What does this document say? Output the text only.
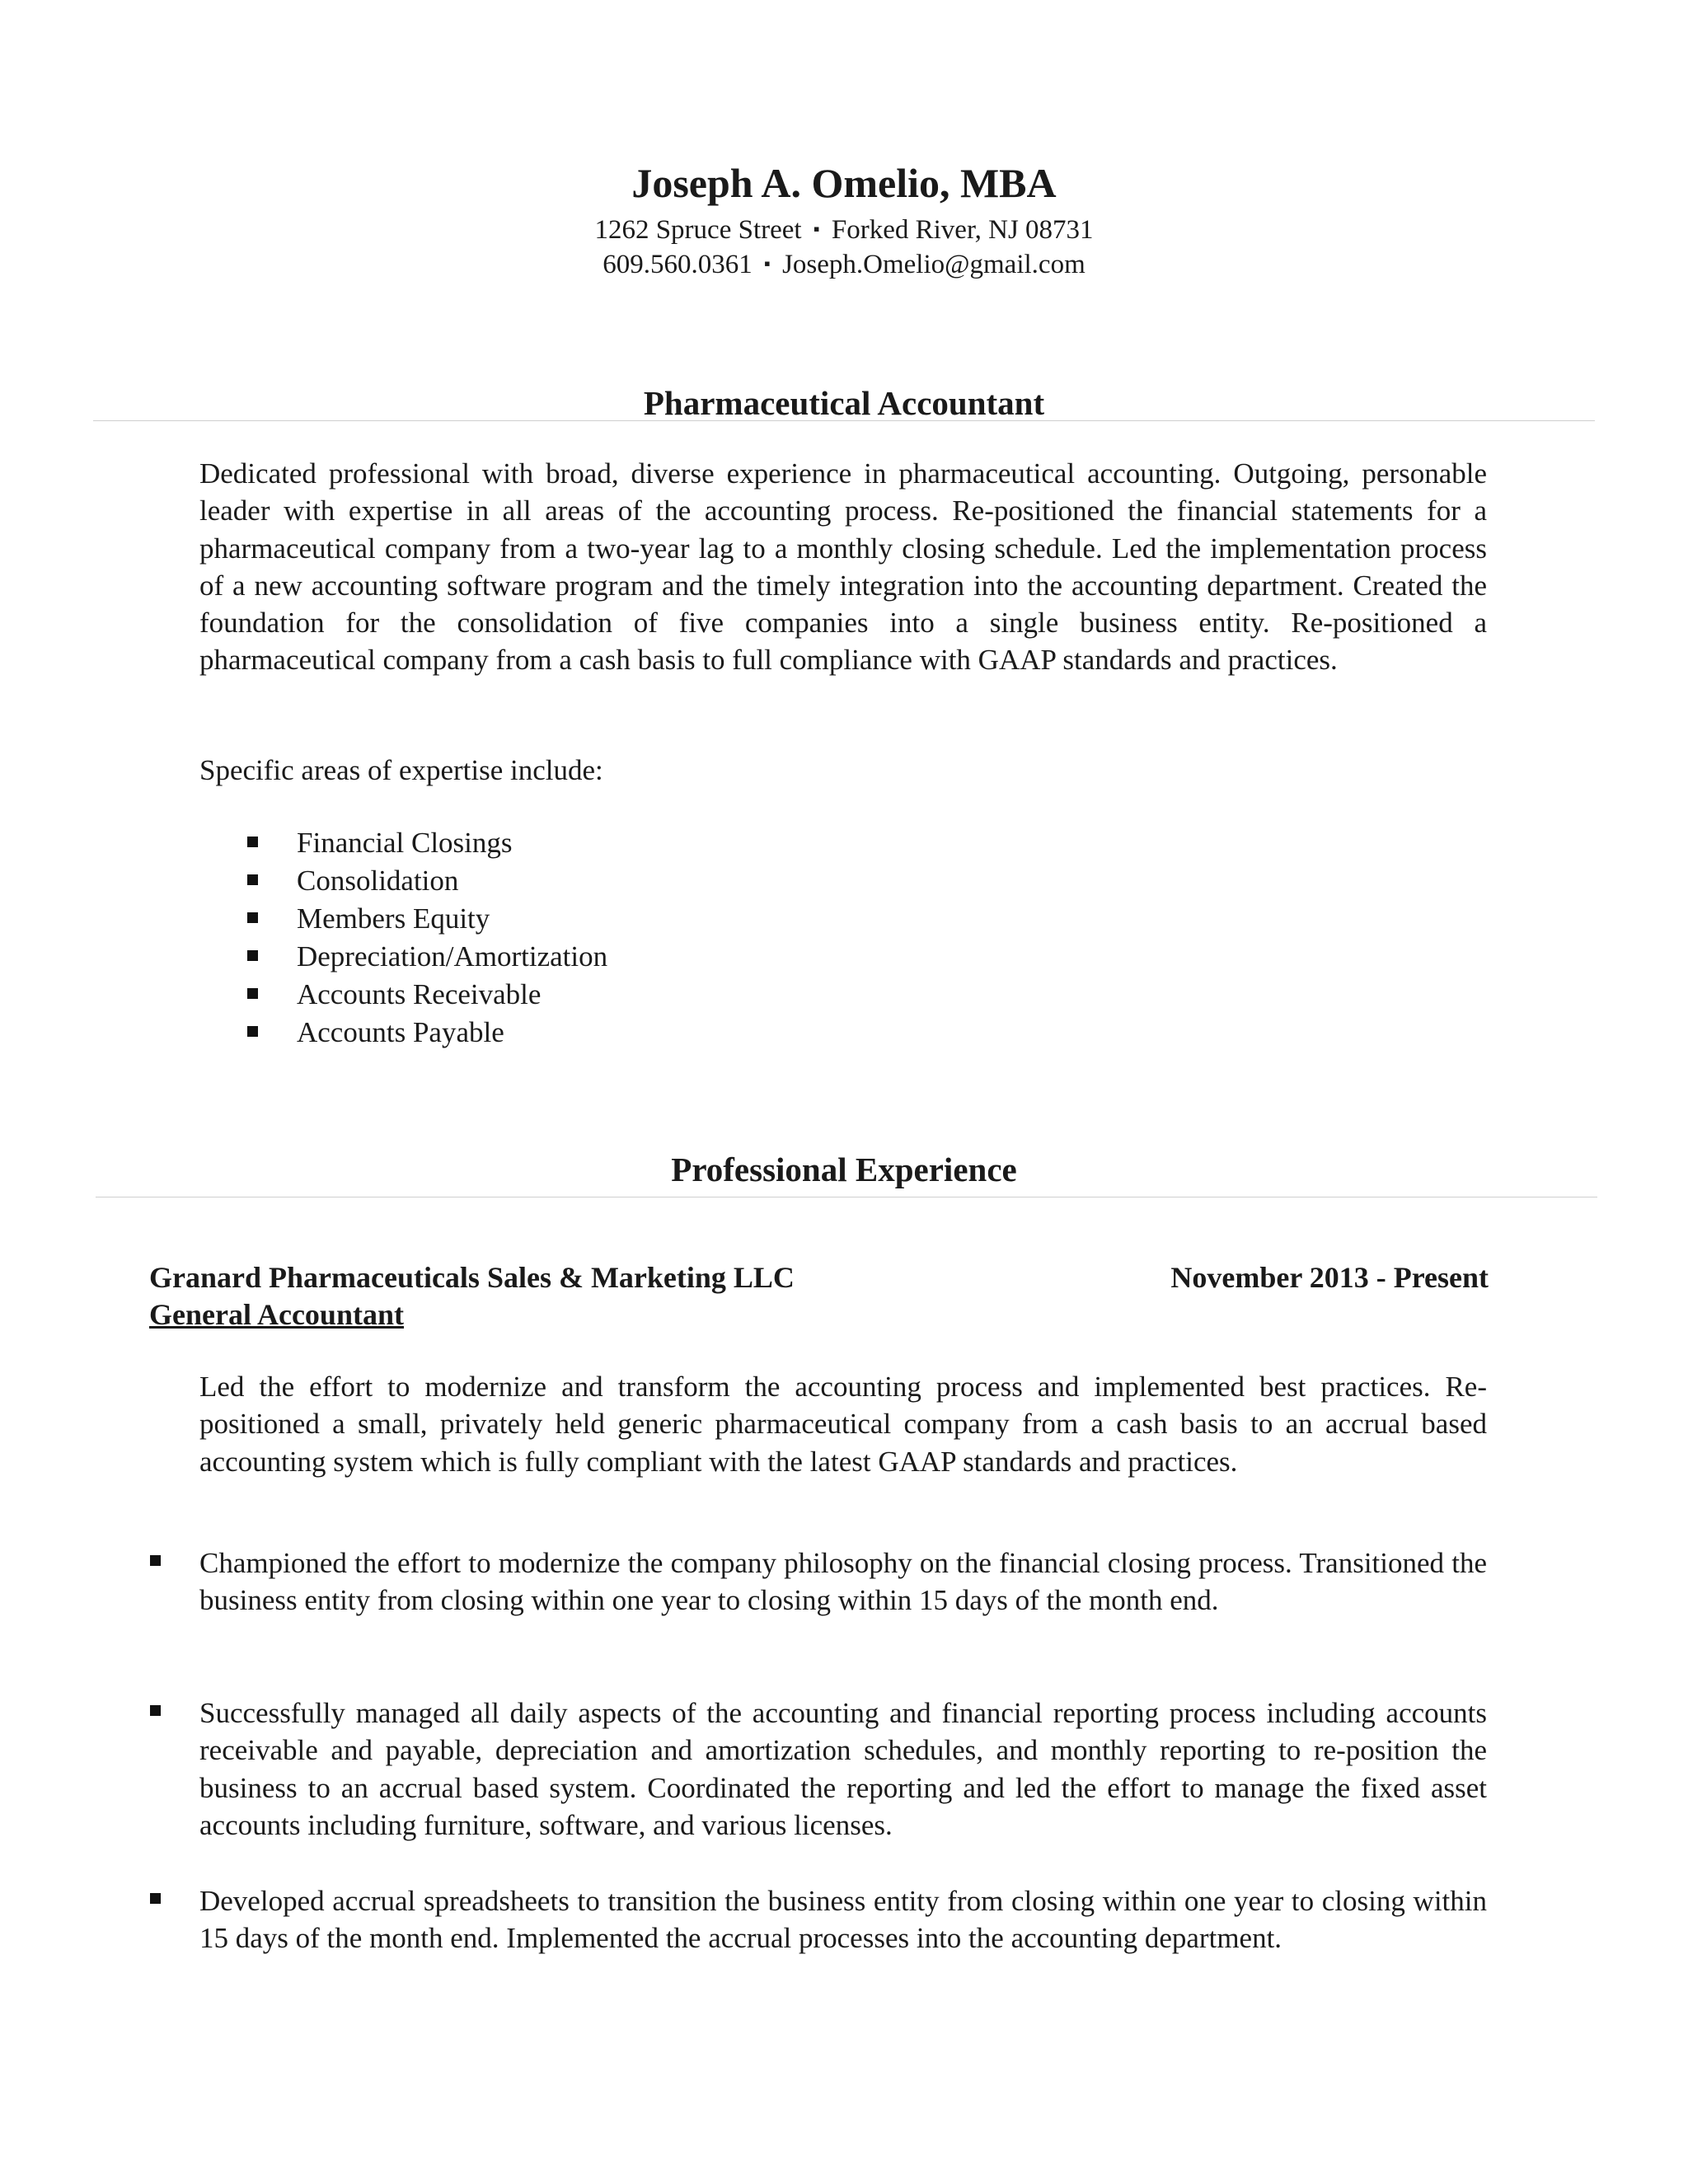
Joseph A. Omelio, MBA
1262 Spruce Street ▪ Forked River, NJ 08731
609.560.0361 ▪ Joseph.Omelio@gmail.com
Pharmaceutical Accountant
Dedicated professional with broad, diverse experience in pharmaceutical accounting. Outgoing, personable leader with expertise in all areas of the accounting process. Re-positioned the financial statements for a pharmaceutical company from a two-year lag to a monthly closing schedule. Led the implementation process of a new accounting software program and the timely integration into the accounting department. Created the foundation for the consolidation of five companies into a single business entity. Re-positioned a pharmaceutical company from a cash basis to full compliance with GAAP standards and practices.
Specific areas of expertise include:
Financial Closings
Consolidation
Members Equity
Depreciation/Amortization
Accounts Receivable
Accounts Payable
Professional Experience
Granard Pharmaceuticals Sales & Marketing LLC	November 2013 - Present
General Accountant
Led the effort to modernize and transform the accounting process and implemented best practices. Re-positioned a small, privately held generic pharmaceutical company from a cash basis to an accrual based accounting system which is fully compliant with the latest GAAP standards and practices.
Championed the effort to modernize the company philosophy on the financial closing process. Transitioned the business entity from closing within one year to closing within 15 days of the month end.
Successfully managed all daily aspects of the accounting and financial reporting process including accounts receivable and payable, depreciation and amortization schedules, and monthly reporting to re-position the business to an accrual based system. Coordinated the reporting and led the effort to manage the fixed asset accounts including furniture, software, and various licenses.
Developed accrual spreadsheets to transition the business entity from closing within one year to closing within 15 days of the month end. Implemented the accrual processes into the accounting department.
